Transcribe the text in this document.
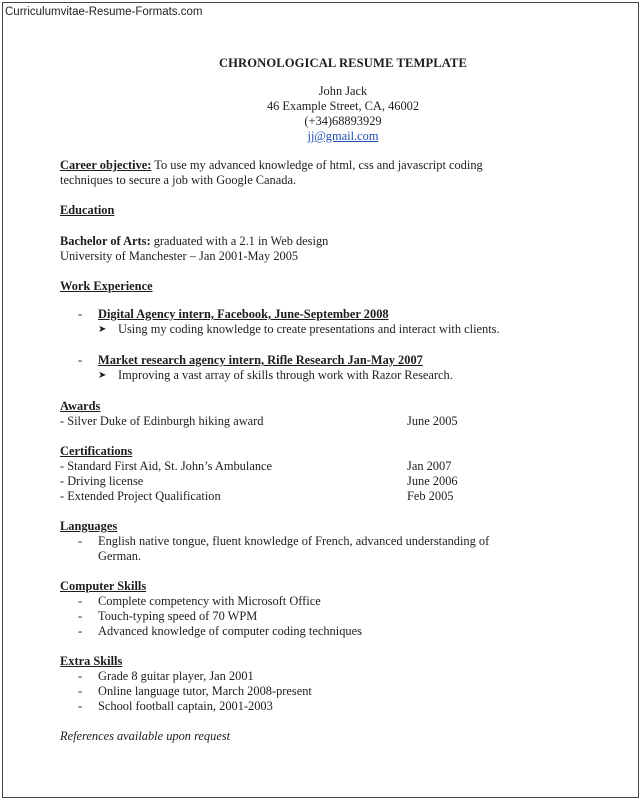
Curriculumvitae-Resume-Formats.com
CHRONOLOGICAL RESUME TEMPLATE
John Jack
46 Example Street, CA, 46002
(+34)68893929
jj@gmail.com
Career objective: To use my advanced knowledge of html, css and javascript coding
techniques to secure a job with Google Canada.
Education
Bachelor of Arts: graduated with a 2.1 in Web design
University of Manchester – Jan 2001-May 2005
Work Experience
- Digital Agency intern, Facebook, June-September 2008
➤ Using my coding knowledge to create presentations and interact with clients.
- Market research agency intern, Rifle Research Jan-May 2007
➤ Improving a vast array of skills through work with Razor Research.
Awards
- Silver Duke of Edinburgh hiking award	June 2005
Certifications
- Standard First Aid, St. John’s Ambulance	Jan 2007
- Driving license	June 2006
- Extended Project Qualification	Feb 2005
Languages
- English native tongue, fluent knowledge of French, advanced understanding of
German.
Computer Skills
- Complete competency with Microsoft Office
- Touch-typing speed of 70 WPM
- Advanced knowledge of computer coding techniques
Extra Skills
- Grade 8 guitar player, Jan 2001
- Online language tutor, March 2008-present
- School football captain, 2001-2003
References available upon request
